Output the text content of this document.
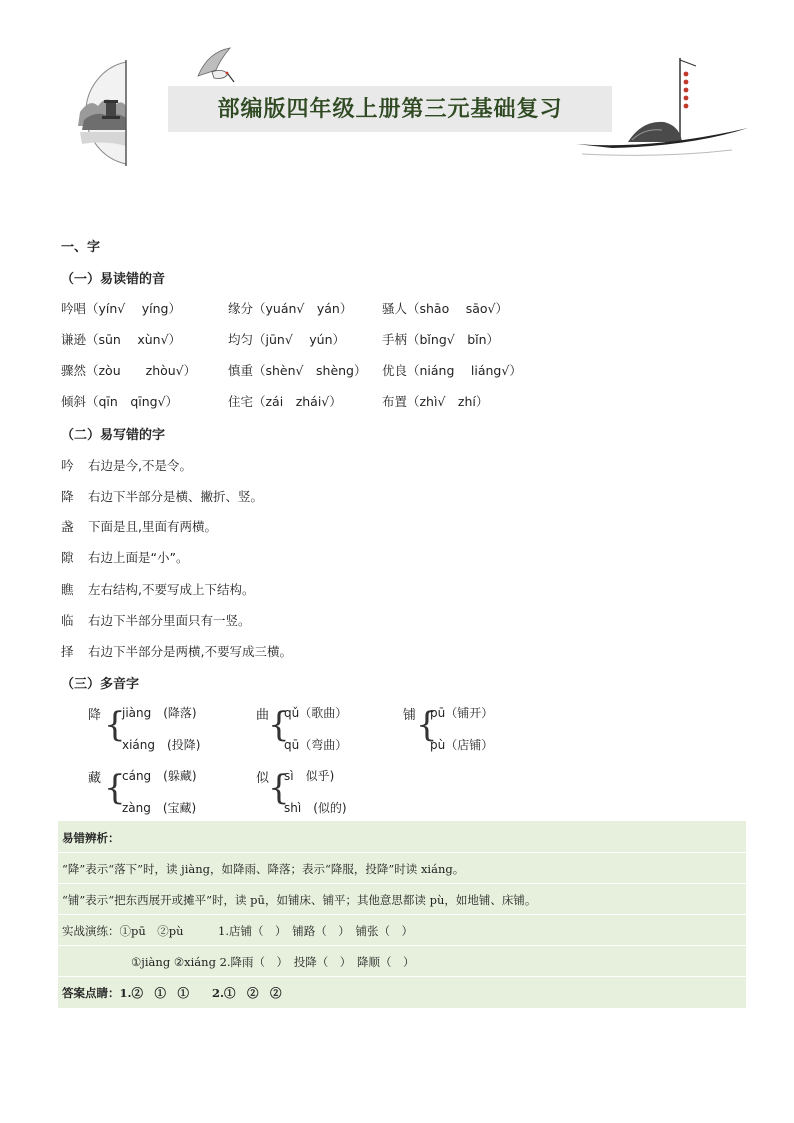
部编版四年级上册第三元基础复习
一、字
（一）易读错的音
吟唱（yín√　 yíng）	缘分（yuán√　yán） 骚人（shāo　 sāo√）
谦逊（sūn　 xùn√）	均匀（jūn√　 yún）	手柄（bǐng√　bǐn）
骤然（zòu　　zhòu√）	慎重（shèn√　shèng） 优良（niáng　 liáng√）
倾斜（qīn　qīng√）	住宅（zái　zhái√）	布置（zhì√　zhí）
（二）易写错的字
吟 右边是今,不是令。
降 右边下半部分是横、撇折、竖。
盏 下面是且,里面有两横。
隙 右边上面是“小”。
瞧 左右结构,不要写成上下结构。
临 右边下半部分里面只有一竖。
择 右边下半部分是两横,不要写成三横。
（三）多音字
降 {
jiàng　(降落)
xiáng　(投降)
曲
{
qǔ（歌曲）
qū（弯曲）
铺 {
pū（铺开）
pù（店铺）
藏 {
cáng　(躲藏)
zàng　(宝藏)
似
{
sì　似乎)
shì　(似的)
易错辨析：
“降”表示“落下”时，读 jiàng，如降雨、降落；表示“降服，投降”时读 xiáng。
“铺”表示“把东西展开或摊平”时，读 pū，如铺床、铺平；其他意思都读 pù，如地铺、床铺。
实战演练：①pū　②pù　　　1.店铺（　）　铺路（　）　铺张（　）
①jiàng ②xiáng 2.降雨（　）　投降（　）　降顺（　）
答案点睛：1.②　①　①　　2.①　②　②
